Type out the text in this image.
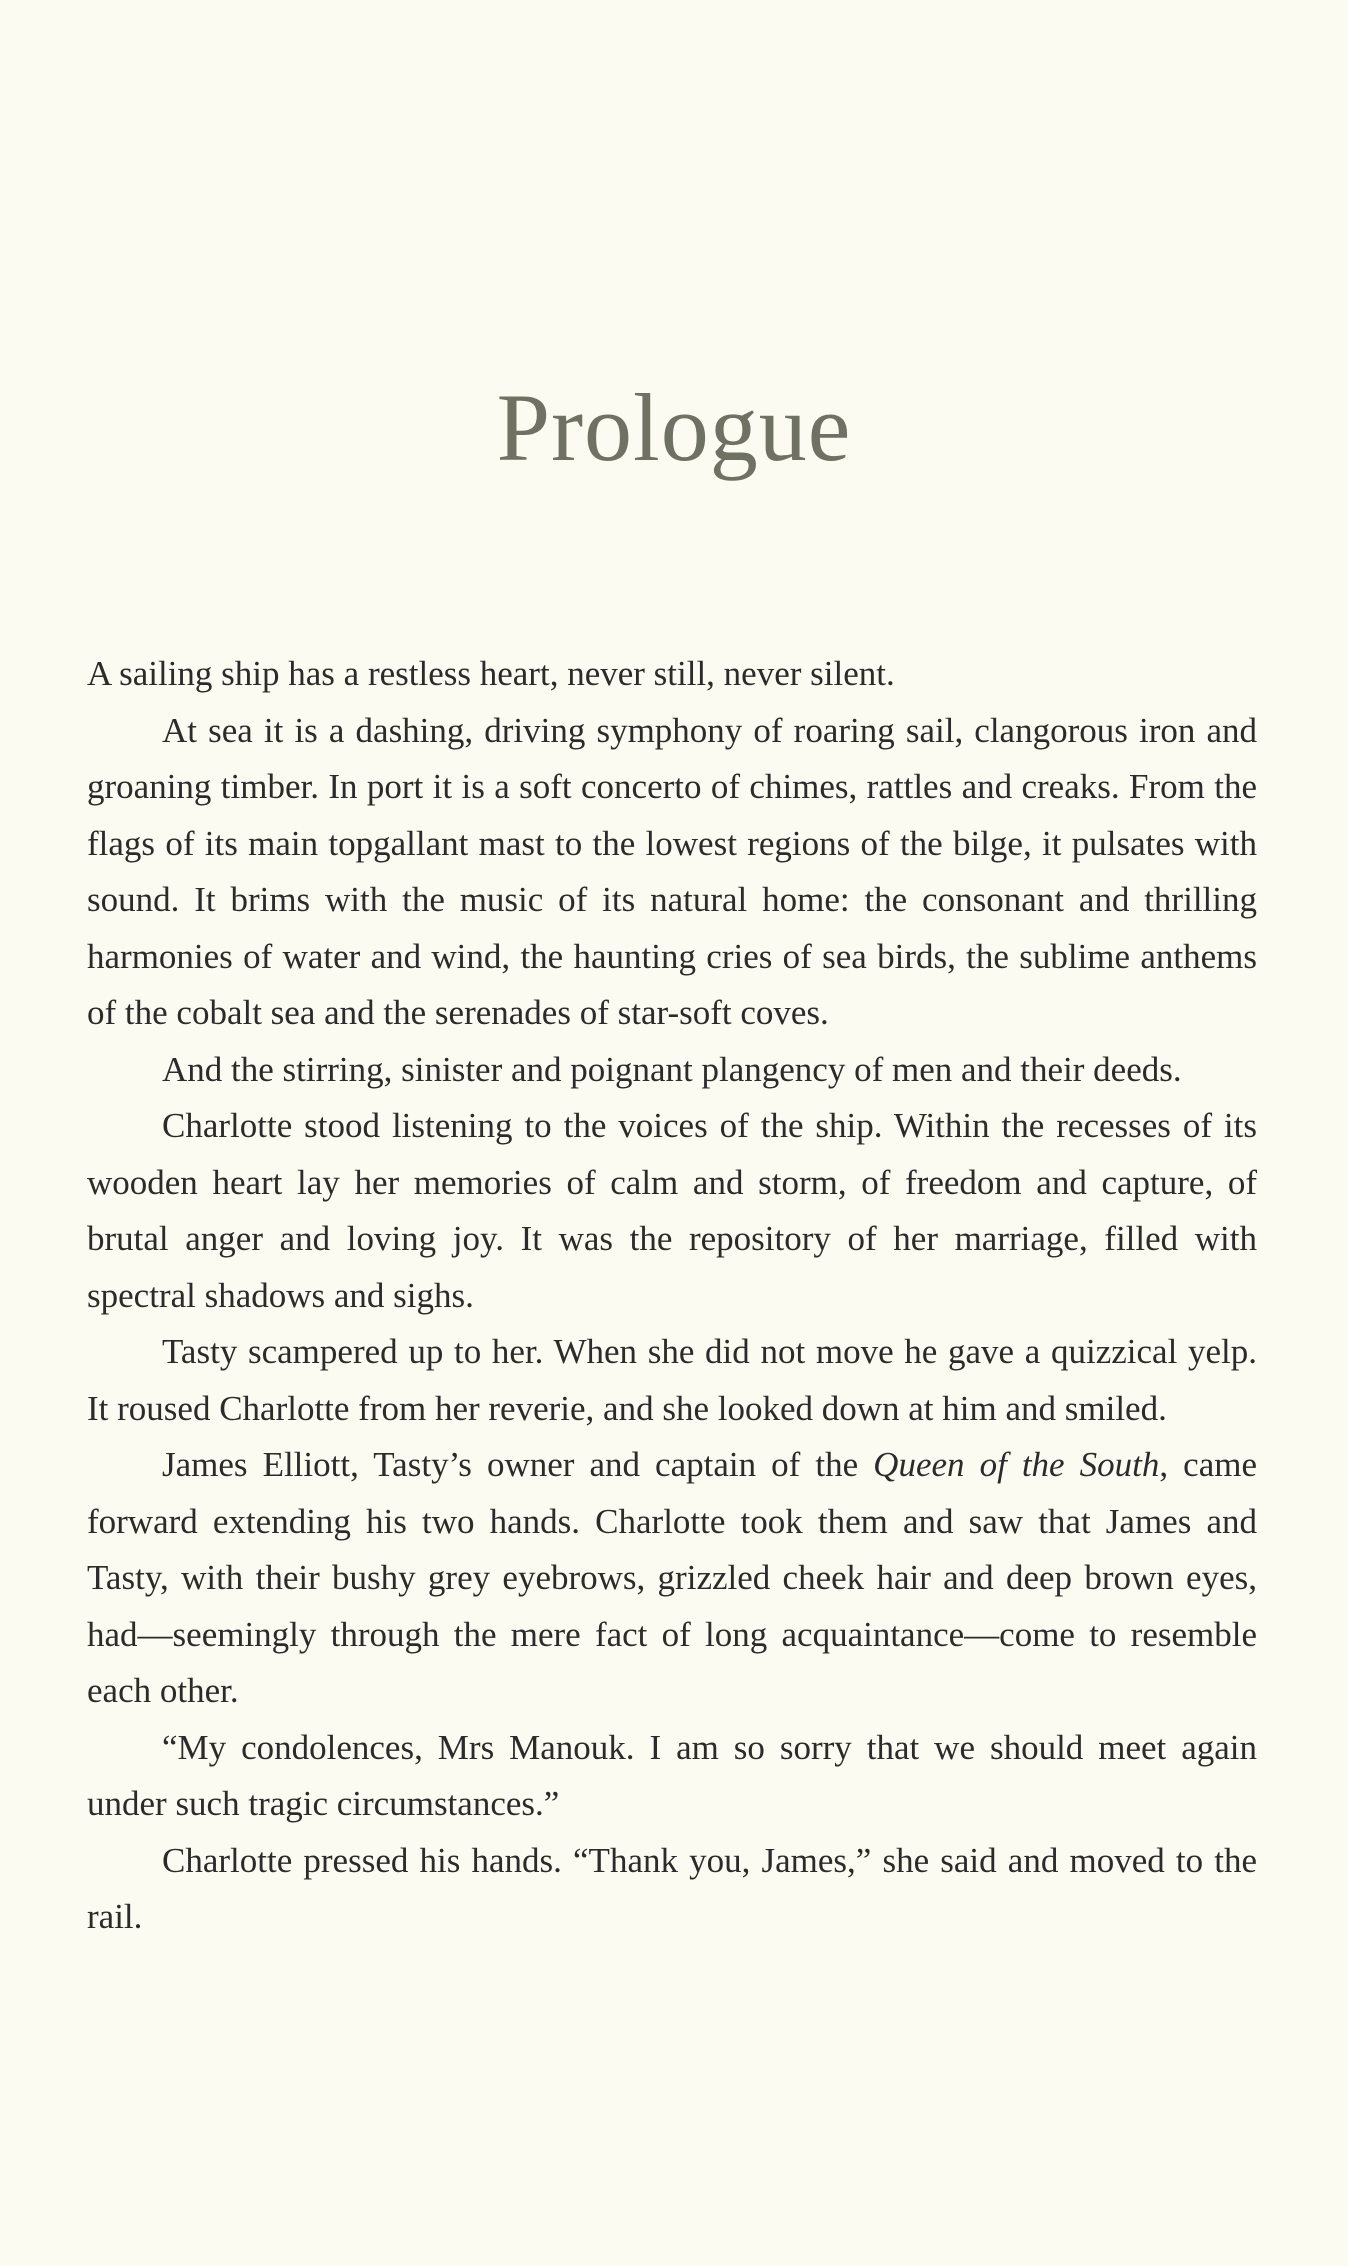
Prologue

A sailing ship has a restless heart, never still, never silent.

At sea it is a dashing, driving symphony of roaring sail, clangorous iron and groaning timber. In port it is a soft concerto of chimes, rattles and creaks. From the flags of its main topgallant mast to the lowest regions of the bilge, it pulsates with sound. It brims with the music of its natural home: the consonant and thrilling harmonies of water and wind, the haunting cries of sea birds, the sublime anthems of the cobalt sea and the serenades of star-soft coves.

And the stirring, sinister and poignant plangency of men and their deeds.

Charlotte stood listening to the voices of the ship. Within the recesses of its wooden heart lay her memories of calm and storm, of freedom and capture, of brutal anger and loving joy. It was the repository of her marriage, filled with spectral shadows and sighs.

Tasty scampered up to her. When she did not move he gave a quizzical yelp. It roused Charlotte from her reverie, and she looked down at him and smiled.

James Elliott, Tasty’s owner and captain of the Queen of the South, came forward extending his two hands. Charlotte took them and saw that James and Tasty, with their bushy grey eyebrows, grizzled cheek hair and deep brown eyes, had—seemingly through the mere fact of long acquaintance—come to resemble each other.

“My condolences, Mrs Manouk. I am so sorry that we should meet again under such tragic circumstances.”

Charlotte pressed his hands. “Thank you, James,” she said and moved to the rail.
